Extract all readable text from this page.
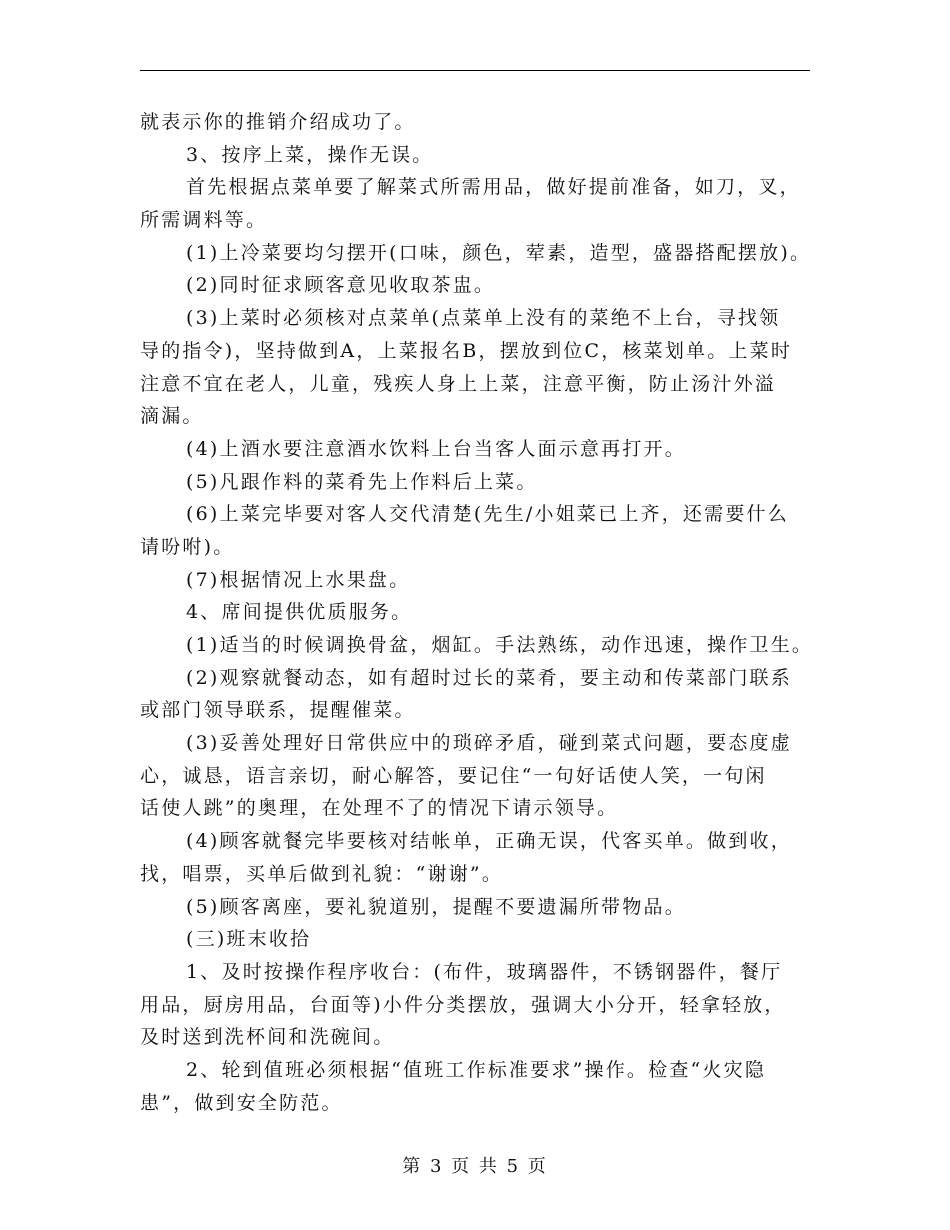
就表示你的推销介绍成功了。
3、按序上菜，操作无误。
首先根据点菜单要了解菜式所需用品，做好提前准备，如刀，叉，
所需调料等。
(1)上冷菜要均匀摆开(口味，颜色，荤素，造型，盛器搭配摆放)。
(2)同时征求顾客意见收取茶盅。
(3)上菜时必须核对点菜单(点菜单上没有的菜绝不上台，寻找领
导的指令)，坚持做到A，上菜报名B，摆放到位C，核菜划单。上菜时
注意不宜在老人，儿童，残疾人身上上菜，注意平衡，防止汤汁外溢
滴漏。
(4)上酒水要注意酒水饮料上台当客人面示意再打开。
(5)凡跟作料的菜肴先上作料后上菜。
(6)上菜完毕要对客人交代清楚(先生/小姐菜已上齐，还需要什么
请吩咐)。
(7)根据情况上水果盘。
4、席间提供优质服务。
(1)适当的时候调换骨盆，烟缸。手法熟练，动作迅速，操作卫生。
(2)观察就餐动态，如有超时过长的菜肴，要主动和传菜部门联系
或部门领导联系，提醒催菜。
(3)妥善处理好日常供应中的琐碎矛盾，碰到菜式问题，要态度虚
心，诚恳，语言亲切，耐心解答，要记住“一句好话使人笑，一句闲
话使人跳”的奥理，在处理不了的情况下请示领导。
(4)顾客就餐完毕要核对结帐单，正确无误，代客买单。做到收，
找，唱票，买单后做到礼貌：“谢谢”。
(5)顾客离座，要礼貌道别，提醒不要遗漏所带物品。
(三)班末收拾
1、及时按操作程序收台：(布件，玻璃器件，不锈钢器件，餐厅
用品，厨房用品，台面等)小件分类摆放，强调大小分开，轻拿轻放，
及时送到洗杯间和洗碗间。
2、轮到值班必须根据“值班工作标准要求”操作。检查“火灾隐
患”，做到安全防范。
第 3 页 共 5 页
